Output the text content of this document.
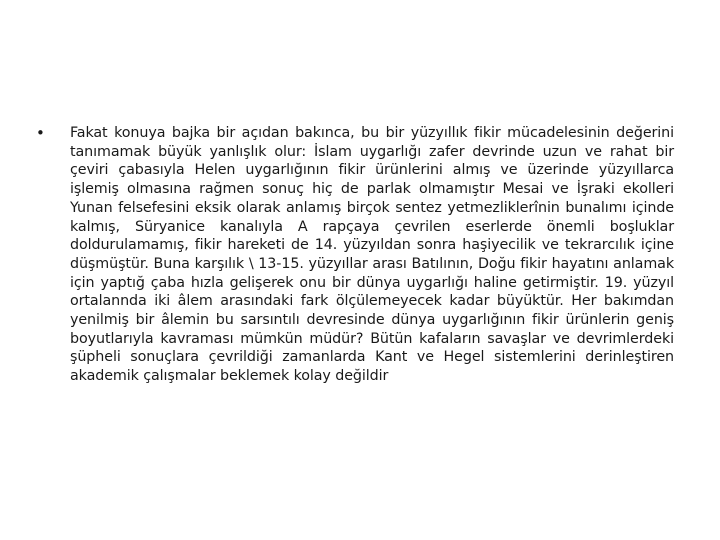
•	Fakat konuya bajka bir açıdan bakınca, bu bir yüzyıllık fikir mücadelesinin değerini tanımamak büyük yanlışlık olur: İslam uygarlığı zafer devrinde uzun ve rahat bir çeviri çabasıyla Helen uygarlığının fikir ürünlerini almış ve üzerinde yüzyıllarca işlemiş olmasına rağmen sonuç hiç de parlak olmamıştır Mesai ve İşraki ekolleri Yunan felsefesini eksik olarak anlamış birçok sentez yetmezliklerînin bunalımı içinde kalmış, Süryanice kanalıyla A rapçaya çevrilen eserlerde önemli boşluklar doldurulamamış, fikir hareketi de 14. yüzyıldan sonra haşiyecilik ve tekrarcılık içine düşmüştür. Buna karşılık \ 13-15. yüzyıllar arası Batılının, Doğu fikir hayatını anlamak için yaptığ çaba hızla gelişerek onu bir dünya uygarlığı haline getirmiştir. 19. yüzyıl ortalannda iki âlem arasındaki fark ölçülemeyecek kadar büyüktür. Her bakımdan yenilmiş bir âlemin bu sarsıntılı devresinde dünya uygarlığının fikir ürünlerin geniş boyutlarıyla kavraması mümkün müdür? Bütün kafaların savaşlar ve devrimlerdeki şüpheli sonuçlara çevrildiği zamanlarda Kant ve Hegel sistemlerini derinleştiren akademik çalışmalar beklemek kolay değildir
